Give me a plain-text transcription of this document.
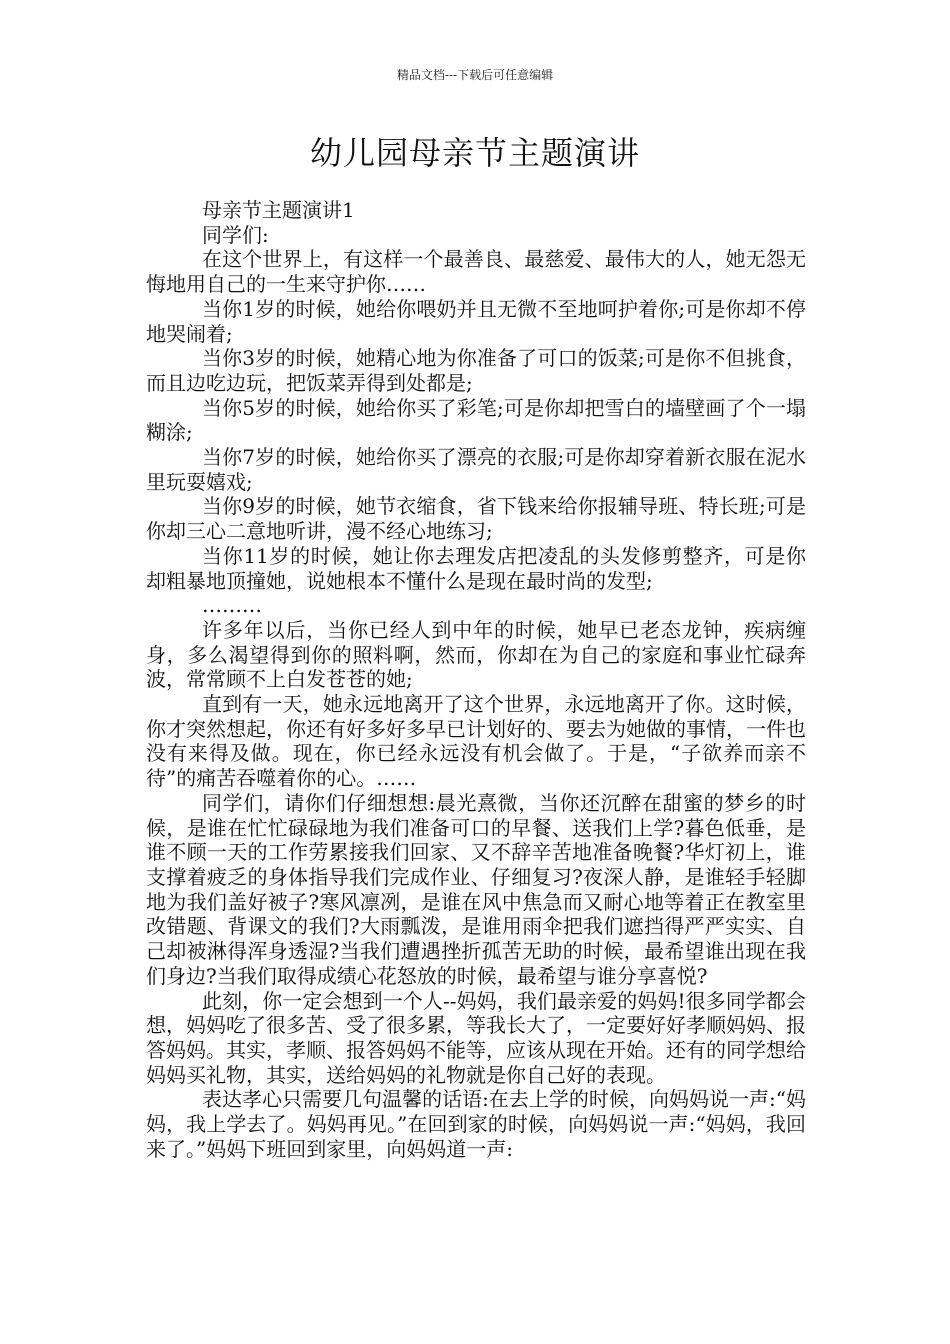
精品文档---下载后可任意编辑
幼儿园母亲节主题演讲

母亲节主题演讲1

同学们:

在这个世界上，有这样一个最善良、最慈爱、最伟大的人，她无怨无悔地用自己的一生来守护你……

当你1岁的时候，她给你喂奶并且无微不至地呵护着你;可是你却不停地哭闹着;

当你3岁的时候，她精心地为你准备了可口的饭菜;可是你不但挑食，而且边吃边玩，把饭菜弄得到处都是;

当你5岁的时候，她给你买了彩笔;可是你却把雪白的墙壁画了个一塌糊涂;

当你7岁的时候，她给你买了漂亮的衣服;可是你却穿着新衣服在泥水里玩耍嬉戏;

当你9岁的时候，她节衣缩食，省下钱来给你报辅导班、特长班;可是你却三心二意地听讲，漫不经心地练习;

当你11岁的时候，她让你去理发店把凌乱的头发修剪整齐，可是你却粗暴地顶撞她，说她根本不懂什么是现在最时尚的发型;

………

许多年以后，当你已经人到中年的时候，她早已老态龙钟，疾病缠身，多么渴望得到你的照料啊，然而，你却在为自己的家庭和事业忙碌奔波，常常顾不上白发苍苍的她;

直到有一天，她永远地离开了这个世界，永远地离开了你。这时候，你才突然想起，你还有好多好多早已计划好的、要去为她做的事情，一件也没有来得及做。现在，你已经永远没有机会做了。于是，“子欲养而亲不待”的痛苦吞噬着你的心。……

同学们，请你们仔细想想:晨光熹微，当你还沉醉在甜蜜的梦乡的时候，是谁在忙忙碌碌地为我们准备可口的早餐、送我们上学?暮色低垂，是谁不顾一天的工作劳累接我们回家、又不辞辛苦地准备晚餐?华灯初上，谁支撑着疲乏的身体指导我们完成作业、仔细复习?夜深人静，是谁轻手轻脚地为我们盖好被子?寒风凛冽，是谁在风中焦急而又耐心地等着正在教室里改错题、背课文的我们?大雨瓢泼，是谁用雨伞把我们遮挡得严严实实、自己却被淋得浑身透湿?当我们遭遇挫折孤苦无助的时候，最希望谁出现在我们身边?当我们取得成绩心花怒放的时候，最希望与谁分享喜悦?

此刻，你一定会想到一个人--妈妈，我们最亲爱的妈妈!很多同学都会想，妈妈吃了很多苦、受了很多累，等我长大了，一定要好好孝顺妈妈、报答妈妈。其实，孝顺、报答妈妈不能等，应该从现在开始。还有的同学想给妈妈买礼物，其实，送给妈妈的礼物就是你自己好的表现。

表达孝心只需要几句温馨的话语:在去上学的时候，向妈妈说一声:“妈妈，我上学去了。妈妈再见。”在回到家的时候，向妈妈说一声:“妈妈，我回来了。”妈妈下班回到家里，向妈妈道一声:
